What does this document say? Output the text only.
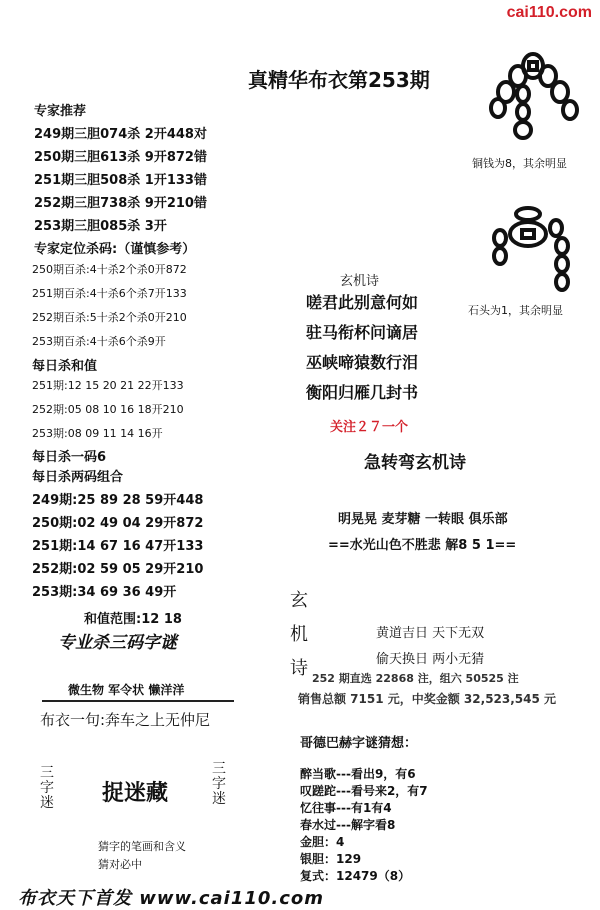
cai110.com
真精华布衣第253期
专家推荐
249期三胆074杀 2开448对
250期三胆613杀 9开872错
251期三胆508杀 1开133错
252期三胆738杀 9开210错
253期三胆085杀 3开
专家定位杀码:（谨慎参考）
250期百杀:4十杀2个杀0开872
251期百杀:4十杀6个杀7开133
252期百杀:5十杀2个杀0开210
253期百杀:4十杀6个杀9开
每日杀和值
251期:12 15 20 21 22开133
252期:05 08 10 16 18开210
253期:08 09 11 14 16开
每日杀一码6
每日杀两码组合
249期:25 89 28 59开448
250期:02 49 04 29开872
251期:14 67 16 47开133
252期:02 59 05 29开210
253期:34 69 36 49开
和值范围:12 18
专业杀三码字谜
微生物 军令状 懒洋洋
布衣一句:奔车之上无仲尼
三字迷 捉迷藏
三字迷
猜字的笔画和含义
猜对必中
布衣天下首发 www.cai110.com
铜钱为8，其余明显
石头为1，其余明显
玄机诗
嗟君此别意何如
驻马衔杯问谪居
巫峡啼猿数行泪
衡阳归雁几封书
关注２７一个
急转弯玄机诗
明晃晃 麦芽糖 一转眼 俱乐部
==水光山色不胜悲 解8 5 1==
玄
机
诗
黄道吉日 天下无双
偷天换日 两小无猜
252 期直选 22868 注，组六 50525 注
销售总额 7151 元，中奖金额 32,523,545 元
哥德巴赫字谜猜想：
醉当歌---看出9，有6
叹蹉跎---看号来2，有7
忆往事---有1有4
春水过---解字看8
金胆：4
银胆：129
复式：12479（8）
